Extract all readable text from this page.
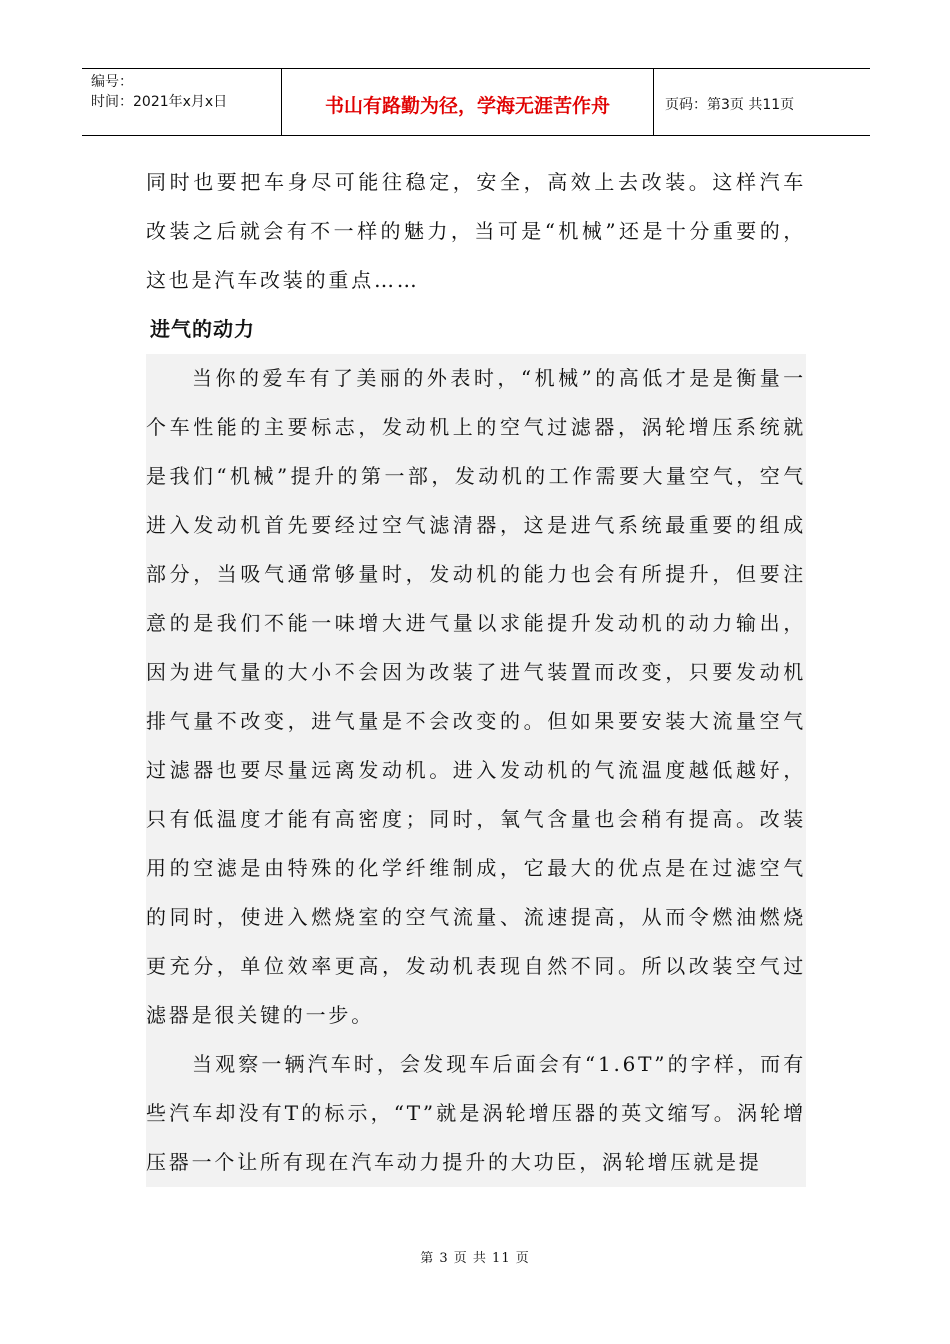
编号：
时间：2021年x月x日	书山有路勤为径，学海无涯苦作舟	页码：第3页 共11页

同时也要把车身尽可能往稳定，安全，高效上去改装。这样汽车改装之后就会有不一样的魅力，当可是“机械”还是十分重要的，这也是汽车改装的重点……

进气的动力

当你的爱车有了美丽的外表时，“机械”的高低才是是衡量一个车性能的主要标志，发动机上的空气过滤器，涡轮增压系统就是我们“机械”提升的第一部，发动机的工作需要大量空气，空气进入发动机首先要经过空气滤清器，这是进气系统最重要的组成部分，当吸气通常够量时，发动机的能力也会有所提升，但要注意的是我们不能一味增大进气量以求能提升发动机的动力输出，因为进气量的大小不会因为改装了进气装置而改变，只要发动机排气量不改变，进气量是不会改变的。但如果要安装大流量空气过滤器也要尽量远离发动机。进入发动机的气流温度越低越好，只有低温度才能有高密度；同时，氧气含量也会稍有提高。改装用的空滤是由特殊的化学纤维制成，它最大的优点是在过滤空气的同时，使进入燃烧室的空气流量、流速提高，从而令燃油燃烧更充分，单位效率更高，发动机表现自然不同。所以改装空气过滤器是很关键的一步。

当观察一辆汽车时，会发现车后面会有“1.6T”的字样，而有些汽车却没有T的标示，“T”就是涡轮增压器的英文缩写。涡轮增压器一个让所有现在汽车动力提升的大功臣，涡轮增压就是提

第 3 页 共 11 页
